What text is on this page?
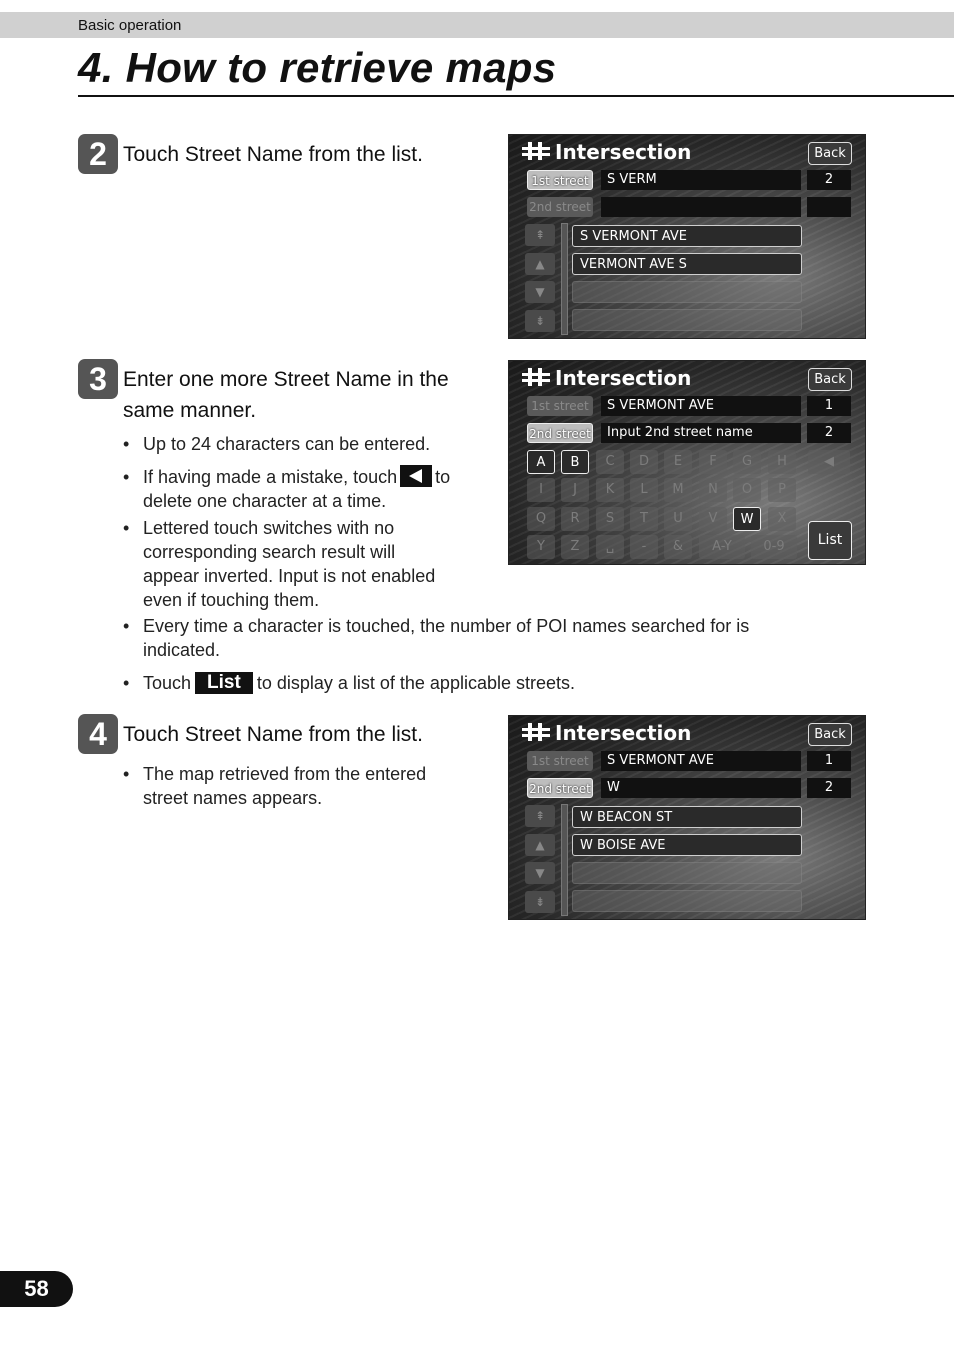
Basic operation
4. How to retrieve maps
2 Touch Street Name from the list.	Intersection	Back
1st street	S VERM	2
2nd street
⇞
▲
▼
⇟
S VERMONT AVE
VERMONT AVE S
3 Enter one more Street Name in the
same manner.
• Up to 24 characters can be entered.
• If having made a mistake, touch to
delete one character at a time.
• Lettered touch switches with no
corresponding search result will
appear inverted. Input is not enabled
even if touching them.
• Every time a character is touched, the number of POI names searched for is
indicated.
• Touch List to display a list of the applicable streets.
Intersection	Back
1st street	S VERMONT AVE	1
2nd street	Input 2nd street name	2
A	B	C	D	E	F	G	H	◀
I	J	K	L	M	N	O	P
Q	R	S	T	U	V	W	X
Y	Z	␣	-	&	A-Y	0-9	List
4 Touch Street Name from the list.
• The map retrieved from the entered
street names appears.
Intersection	Back
1st street	S VERMONT AVE	1
2nd street	W	2
⇞
▲
▼
⇟
W BEACON ST
W BOISE AVE
58
